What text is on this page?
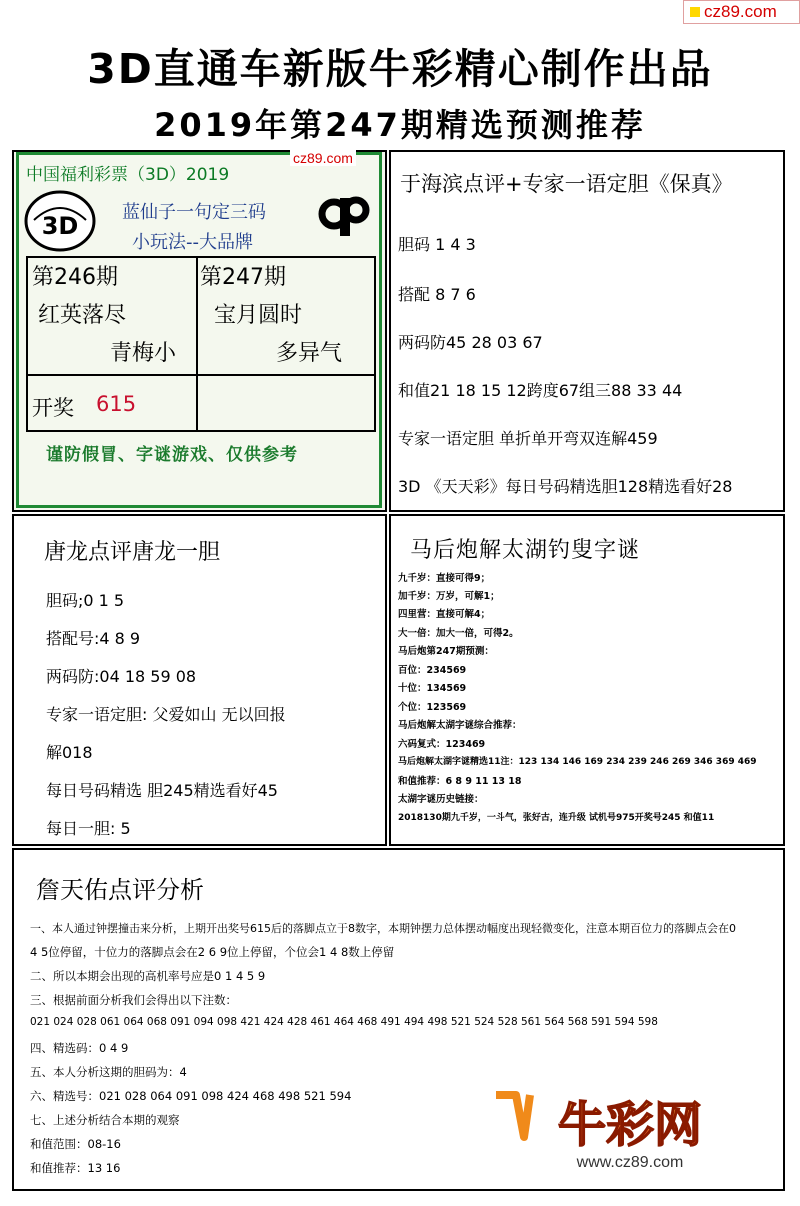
cz89.com
3D直通车新版牛彩精心制作出品
2019年第247期精选预测推荐
中国福利彩票（3D）2019
cz89.com
3D 蓝仙子一句定三码
小玩法--大品牌
第246期
红英落尽
青梅小
第247期
宝月圆时
多异气
开奖 615
谨防假冒、字谜游戏、仅供参考
于海滨点评+专家一语定胆《保真》
胆码 1 4 3
搭配 8 7 6
两码防45 28 03 67
和值21 18 15 12跨度67组三88 33 44
专家一语定胆 单折单开弯双连解459
3D 《天天彩》每日号码精选胆128精选看好28
唐龙点评唐龙一胆
胆码;0 1 5
搭配号:4 8 9
两码防:04 18 59 08
专家一语定胆: 父爱如山 无以回报
解018
每日号码精选 胆245精选看好45
每日一胆: 5
马后炮解太湖钓叟字谜
九千岁：直接可得9；
加千岁：万岁，可解1；
四里营：直接可解4；
大一倍：加大一倍，可得2。
马后炮第247期预测：
百位：234569
十位：134569
个位：123569
马后炮解太湖字谜综合推荐：
六码复式：123469
马后炮解太湖字谜精选11注：123 134 146 169 234 239 246 269 346 369 469
和值推荐：6 8 9 11 13 18
太湖字谜历史链接：
2018130期九千岁，一斗气，张好古，连升级 试机号975开奖号245 和值11
詹天佑点评分析
一、本人通过钟摆撞击来分析，上期开出奖号615后的落脚点立于8数字，本期钟摆力总体摆动幅度出现轻微变化，注意本期百位力的落脚点会在0
4 5位停留，十位力的落脚点会在2 6 9位上停留，个位会1 4 8数上停留
二、所以本期会出现的高机率号应是0 1 4 5 9
三、根据前面分析我们会得出以下注数：
021 024 028 061 064 068 091 094 098 421 424 428 461 464 468 491 494 498 521 524 528 561 564 568 591 594 598
四、精选码：0 4 9
五、本人分析这期的胆码为：4
六、精选号：021 028 064 091 098 424 468 498 521 594
七、上述分析结合本期的观察
和值范围：08-16
和值推荐：13 16
牛彩网
www.cz89.com
